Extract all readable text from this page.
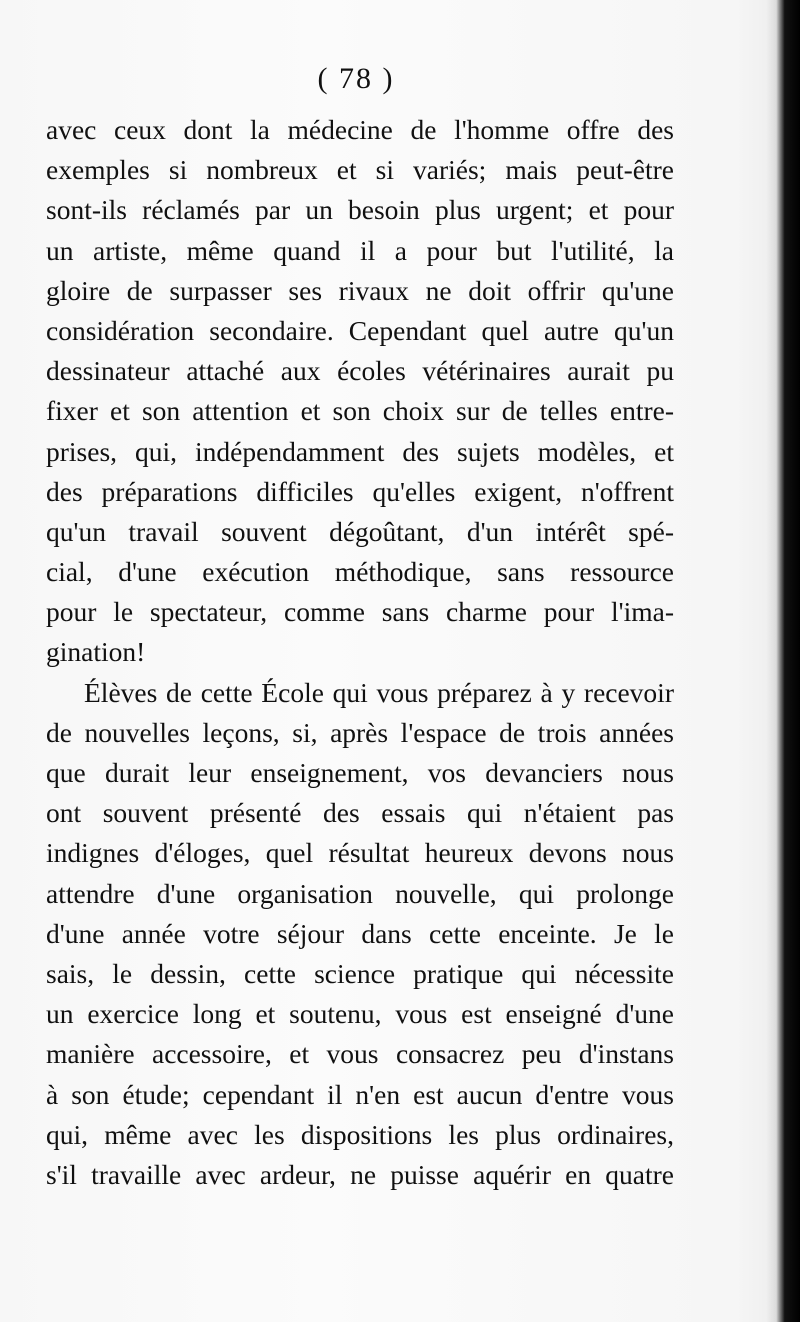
( 78 )
avec ceux dont la médecine de l'homme offre des
exemples si nombreux et si variés; mais peut-être
sont-ils réclamés par un besoin plus urgent; et pour
un artiste, même quand il a pour but l'utilité, la
gloire de surpasser ses rivaux ne doit offrir qu'une
considération secondaire. Cependant quel autre qu'un
dessinateur attaché aux écoles vétérinaires aurait pu
fixer et son attention et son choix sur de telles entre-
prises, qui, indépendamment des sujets modèles, et
des préparations difficiles qu'elles exigent, n'offrent
qu'un travail souvent dégoûtant, d'un intérêt spé-
cial, d'une exécution méthodique, sans ressource
pour le spectateur, comme sans charme pour l'ima-
gination!
Élèves de cette École qui vous préparez à y recevoir
de nouvelles leçons, si, après l'espace de trois années
que durait leur enseignement, vos devanciers nous
ont souvent présenté des essais qui n'étaient pas
indignes d'éloges, quel résultat heureux devons nous
attendre d'une organisation nouvelle, qui prolonge
d'une année votre séjour dans cette enceinte. Je le
sais, le dessin, cette science pratique qui nécessite
un exercice long et soutenu, vous est enseigné d'une
manière accessoire, et vous consacrez peu d'instans
à son étude; cependant il n'en est aucun d'entre vous
qui, même avec les dispositions les plus ordinaires,
s'il travaille avec ardeur, ne puisse aquérir en quatre
